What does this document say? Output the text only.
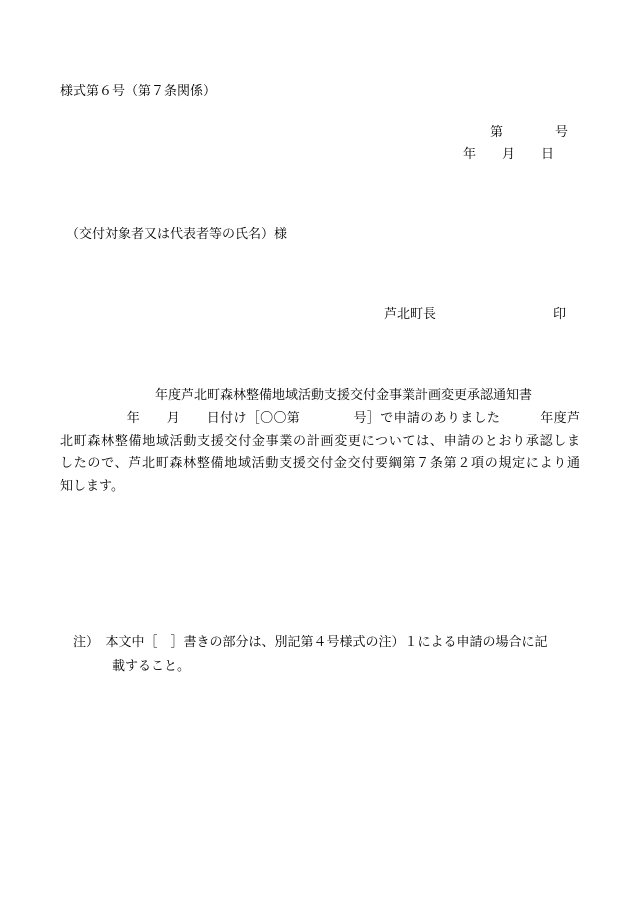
様式第６号（第７条関係）
第　　　　号
年　　月　　日
（交付対象者又は代表者等の氏名）様
芦北町長　　　　　　　　　印
年度芦北町森林整備地域活動支援交付金事業計画変更承認通知書
　　　　　年　　月　　日付け［〇〇第　　　　号］で申請のありました　　　年度芦
北町森林整備地域活動支援交付金事業の計画変更については、申請のとおり承認しま
したので、芦北町森林整備地域活動支援交付金交付要綱第７条第２項の規定により通
知します。
　注）　本文中［　］書きの部分は、別記第４号様式の注）１による申請の場合に記
　　　　載すること。
